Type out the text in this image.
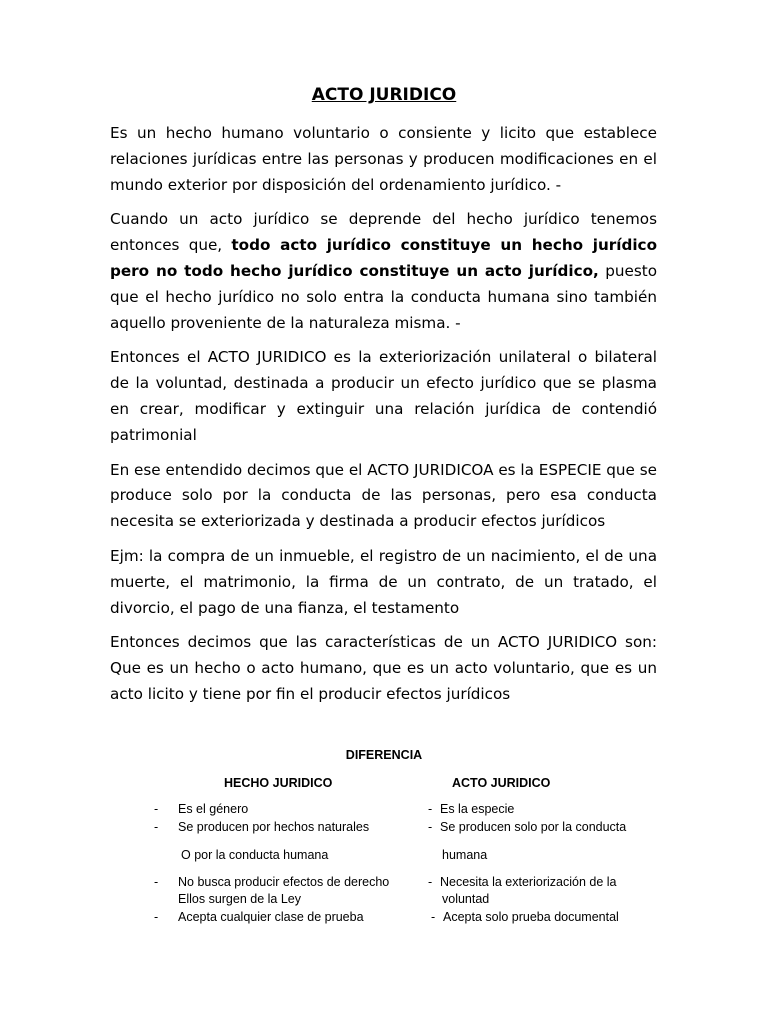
ACTO JURIDICO

Es un hecho humano voluntario o consiente y licito que establece relaciones jurídicas entre las personas y producen modificaciones en el mundo exterior por disposición del ordenamiento jurídico. -

Cuando un acto jurídico se deprende del hecho jurídico tenemos entonces que, todo acto jurídico constituye un hecho jurídico pero no todo hecho jurídico constituye un acto jurídico, puesto que el hecho jurídico no solo entra la conducta humana sino también aquello proveniente de la naturaleza misma. -

Entonces el ACTO JURIDICO es la exteriorización unilateral o bilateral de la voluntad, destinada a producir un efecto jurídico que se plasma en crear, modificar y extinguir una relación jurídica de contendió patrimonial

En ese entendido decimos que el ACTO JURIDICOA es la ESPECIE que se produce solo por la conducta de las personas, pero esa conducta necesita se exteriorizada y destinada a producir efectos jurídicos

Ejm: la compra de un inmueble, el registro de un nacimiento, el de una muerte, el matrimonio, la firma de un contrato, de un tratado, el divorcio, el pago de una fianza, el testamento

Entonces decimos que las características de un ACTO JURIDICO son: Que es un hecho o acto humano, que es un acto voluntario, que es un acto licito y tiene por fin el producir efectos jurídicos

DIFERENCIA
HECHO JURIDICO	ACTO JURIDICO
- Es el género
- Se producen por hechos naturales
O por la conducta humana
- No busca producir efectos de derecho
Ellos surgen de la Ley
- Acepta cualquier clase de prueba
- Es la especie
- Se producen solo por la conducta
humana
- Necesita la exteriorización de la
voluntad
- Acepta solo prueba documental
